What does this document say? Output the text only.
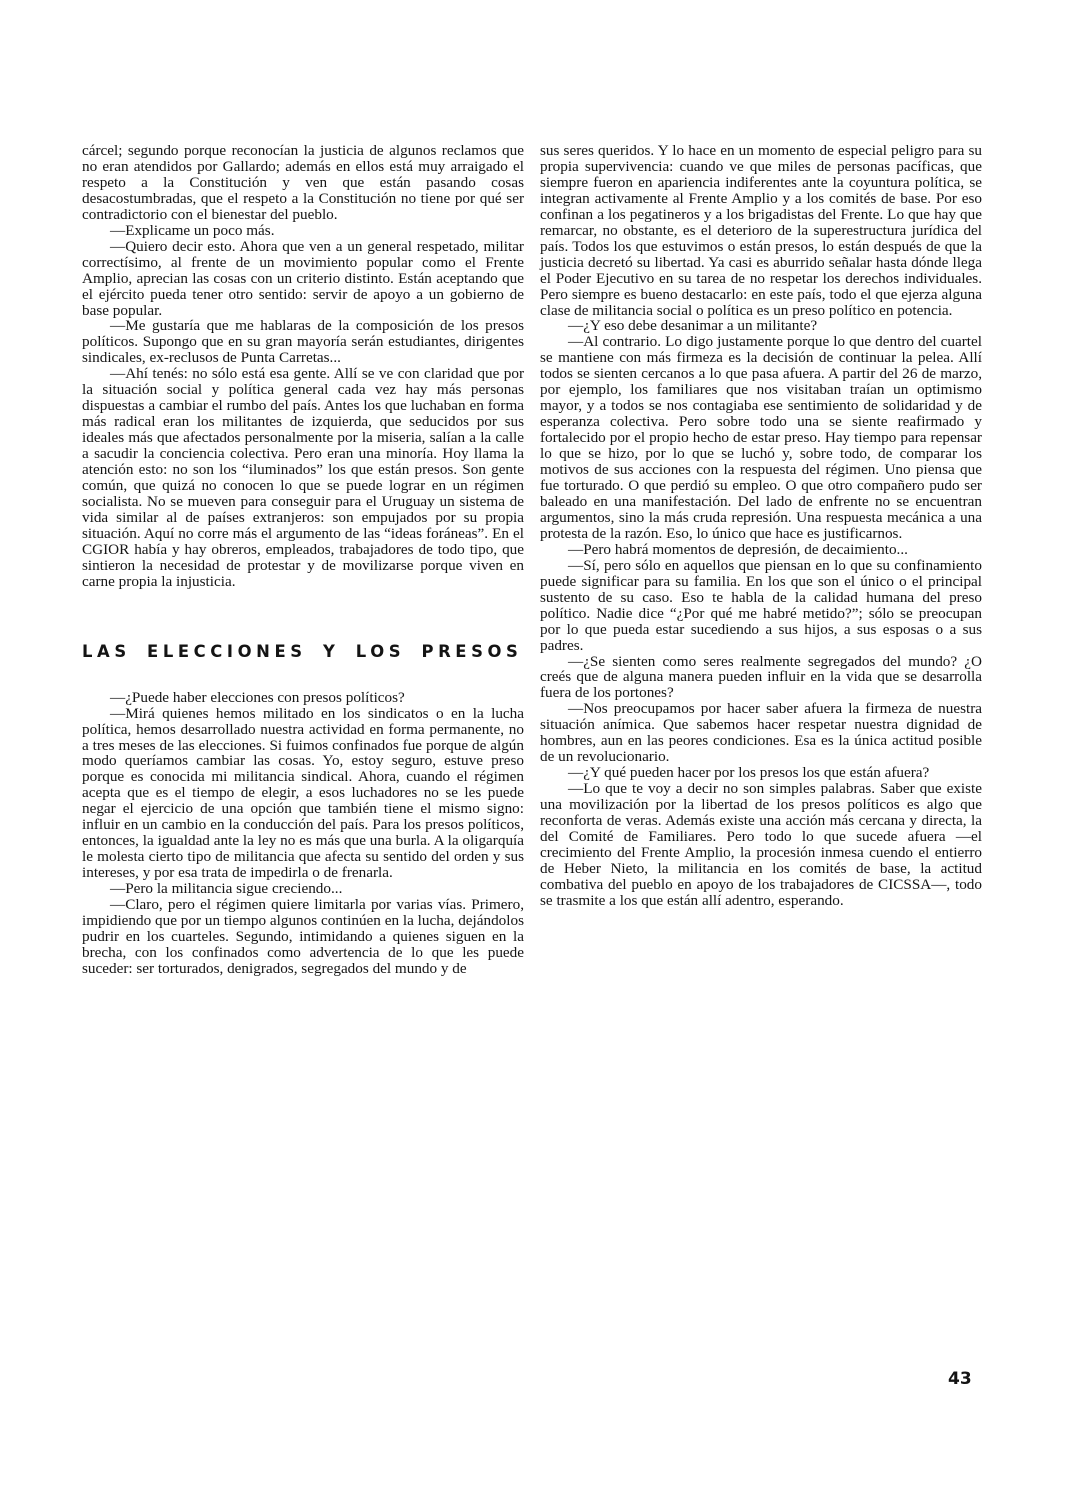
cárcel; segundo porque reconocían la justicia de algunos reclamos que no eran atendidos por Gallardo; además en ellos está muy arraigado el respeto a la Constitución y ven que están pasando cosas desacostumbradas, que el respeto a la Constitución no tiene por qué ser contradictorio con el bienestar del pueblo.

—Explicame un poco más.

—Quiero decir esto. Ahora que ven a un general respetado, militar correctísimo, al frente de un movimiento popular como el Frente Amplio, aprecian las cosas con un criterio distinto. Están aceptando que el ejército pueda tener otro sentido: servir de apoyo a un gobierno de base popular.

—Me gustaría que me hablaras de la composición de los presos políticos. Supongo que en su gran mayoría serán estudiantes, dirigentes sindicales, ex-reclusos de Punta Carretas...

—Ahí tenés: no sólo está esa gente. Allí se ve con claridad que por la situación social y política general cada vez hay más personas dispuestas a cambiar el rumbo del país. Antes los que luchaban en forma más radical eran los militantes de izquierda, que seducidos por sus ideales más que afectados personalmente por la miseria, salían a la calle a sacudir la conciencia colectiva. Pero eran una minoría. Hoy llama la atención esto: no son los “iluminados” los que están presos. Son gente común, que quizá no conocen lo que se puede lograr en un régimen socialista. No se mueven para conseguir para el Uruguay un sistema de vida similar al de países extranjeros: son empujados por su propia situación. Aquí no corre más el argumento de las “ideas foráneas”. En el CGIOR había y hay obreros, empleados, trabajadores de todo tipo, que sintieron la necesidad de protestar y de movilizarse porque viven en carne propia la injusticia.

LAS ELECCIONES Y LOS PRESOS

—¿Puede haber elecciones con presos políticos?

—Mirá quienes hemos militado en los sindicatos o en la lucha política, hemos desarrollado nuestra actividad en forma permanente, no a tres meses de las elecciones. Si fuimos confinados fue porque de algún modo queríamos cambiar las cosas. Yo, estoy seguro, estuve preso porque es conocida mi militancia sindical. Ahora, cuando el régimen acepta que es el tiempo de elegir, a esos luchadores no se les puede negar el ejercicio de una opción que también tiene el mismo signo: influir en un cambio en la conducción del país. Para los presos políticos, entonces, la igualdad ante la ley no es más que una burla. A la oligarquía le molesta cierto tipo de militancia que afecta su sentido del orden y sus intereses, y por esa trata de impedirla o de frenarla.

—Pero la militancia sigue creciendo...

—Claro, pero el régimen quiere limitarla por varias vías. Primero, impidiendo que por un tiempo algunos continúen en la lucha, dejándolos pudrir en los cuarteles. Segundo, intimidando a quienes siguen en la brecha, con los confinados como advertencia de lo que les puede suceder: ser torturados, denigrados, segregados del mundo y de

sus seres queridos. Y lo hace en un momento de especial peligro para su propia supervivencia: cuando ve que miles de personas pacíficas, que siempre fueron en apariencia indiferentes ante la coyuntura política, se integran activamente al Frente Amplio y a los comités de base. Por eso confinan a los pegatineros y a los brigadistas del Frente. Lo que hay que remarcar, no obstante, es el deterioro de la superestructura jurídica del país. Todos los que estuvimos o están presos, lo están después de que la justicia decretó su libertad. Ya casi es aburrido señalar hasta dónde llega el Poder Ejecutivo en su tarea de no respetar los derechos individuales. Pero siempre es bueno destacarlo: en este país, todo el que ejerza alguna clase de militancia social o política es un preso político en potencia.

—¿Y eso debe desanimar a un militante?

—Al contrario. Lo digo justamente porque lo que dentro del cuartel se mantiene con más firmeza es la decisión de continuar la pelea. Allí todos se sienten cercanos a lo que pasa afuera. A partir del 26 de marzo, por ejemplo, los familiares que nos visitaban traían un optimismo mayor, y a todos se nos contagiaba ese sentimiento de solidaridad y de esperanza colectiva. Pero sobre todo una se siente reafirmado y fortalecido por el propio hecho de estar preso. Hay tiempo para repensar lo que se hizo, por lo que se luchó y, sobre todo, de comparar los motivos de sus acciones con la respuesta del régimen. Uno piensa que fue torturado. O que perdió su empleo. O que otro compañero pudo ser baleado en una manifestación. Del lado de enfrente no se encuentran argumentos, sino la más cruda represión. Una respuesta mecánica a una protesta de la razón. Eso, lo único que hace es justificarnos.

—Pero habrá momentos de depresión, de decaimiento...

—Sí, pero sólo en aquellos que piensan en lo que su confinamiento puede significar para su familia. En los que son el único o el principal sustento de su caso. Eso te habla de la calidad humana del preso político. Nadie dice “¿Por qué me habré metido?”; sólo se preocupan por lo que pueda estar sucediendo a sus hijos, a sus esposas o a sus padres.

—¿Se sienten como seres realmente segregados del mundo? ¿O creés que de alguna manera pueden influir en la vida que se desarrolla fuera de los portones?

—Nos preocupamos por hacer saber afuera la firmeza de nuestra situación anímica. Que sabemos hacer respetar nuestra dignidad de hombres, aun en las peores condiciones. Esa es la única actitud posible de un revolucionario.

—¿Y qué pueden hacer por los presos los que están afuera?

—Lo que te voy a decir no son simples palabras. Saber que existe una movilización por la libertad de los presos políticos es algo que reconforta de veras. Además existe una acción más cercana y directa, la del Comité de Familiares. Pero todo lo que sucede afuera —el crecimiento del Frente Amplio, la procesión inmesa cuendo el entierro de Heber Nieto, la militancia en los comités de base, la actitud combativa del pueblo en apoyo de los trabajadores de CICSSA—, todo se trasmite a los que están allí adentro, esperando.

43
